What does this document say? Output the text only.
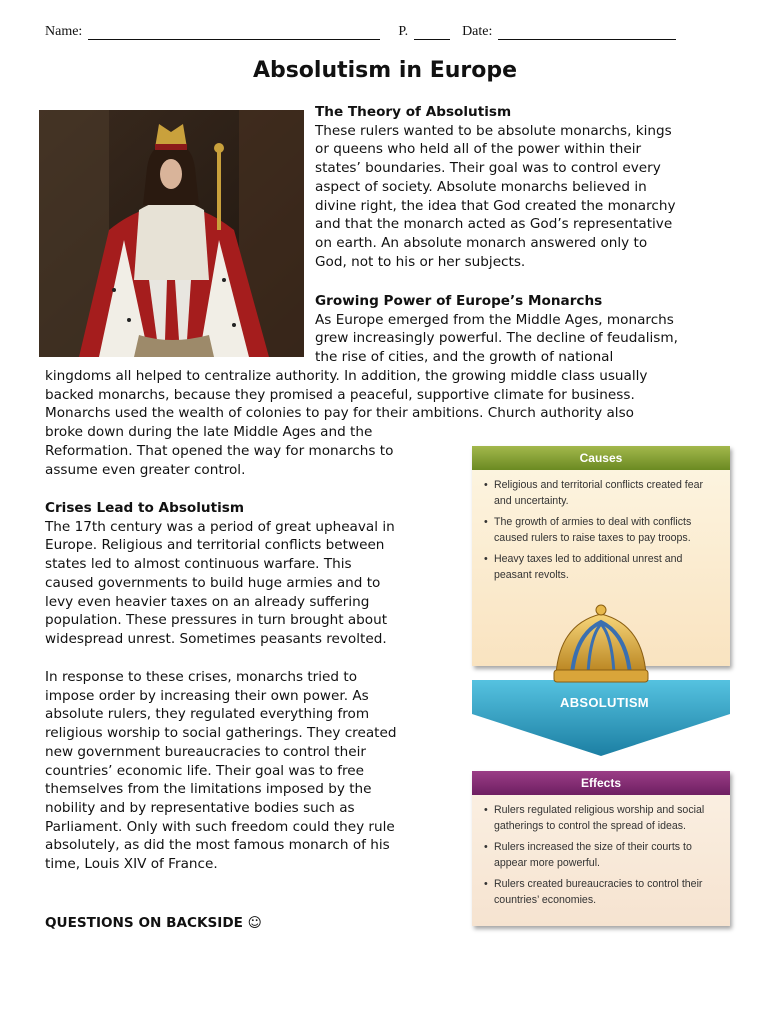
Name:	P.	Date:
Absolutism in Europe
The Theory of Absolutism
These rulers wanted to be absolute monarchs, kings
or queens who held all of the power within their
states’ boundaries. Their goal was to control every
aspect of society. Absolute monarchs believed in
divine right, the idea that God created the monarchy
and that the monarch acted as God’s representative
on earth. An absolute monarch answered only to
God, not to his or her subjects.
Growing Power of Europe’s Monarchs
As Europe emerged from the Middle Ages, monarchs
grew increasingly powerful. The decline of feudalism,
the rise of cities, and the growth of national
kingdoms all helped to centralize authority. In addition, the growing middle class usually
backed monarchs, because they promised a peaceful, supportive climate for business.
Monarchs used the wealth of colonies to pay for their ambitions. Church authority also
broke down during the late Middle Ages and the
Reformation. That opened the way for monarchs to
assume even greater control.
Crises Lead to Absolutism
The 17th century was a period of great upheaval in
Europe. Religious and territorial conflicts between
states led to almost continuous warfare. This
caused governments to build huge armies and to
levy even heavier taxes on an already suffering
population. These pressures in turn brought about
widespread unrest. Sometimes peasants revolted.
In response to these crises, monarchs tried to
impose order by increasing their own power. As
absolute rulers, they regulated everything from
religious worship to social gatherings. They created
new government bureaucracies to control their
countries’ economic life. Their goal was to free
themselves from the limitations imposed by the
nobility and by representative bodies such as
Parliament. Only with such freedom could they rule
absolutely, as did the most famous monarch of his
time, Louis XIV of France.
QUESTIONS ON BACKSIDE ☺
Causes
• Religious and territorial conflicts created fear and uncertainty.
• The growth of armies to deal with conflicts caused rulers to raise taxes to pay troops.
• Heavy taxes led to additional unrest and peasant revolts.
ABSOLUTISM
Effects
• Rulers regulated religious worship and social gatherings to control the spread of ideas.
• Rulers increased the size of their courts to appear more powerful.
• Rulers created bureaucracies to control their countries’ economies.
